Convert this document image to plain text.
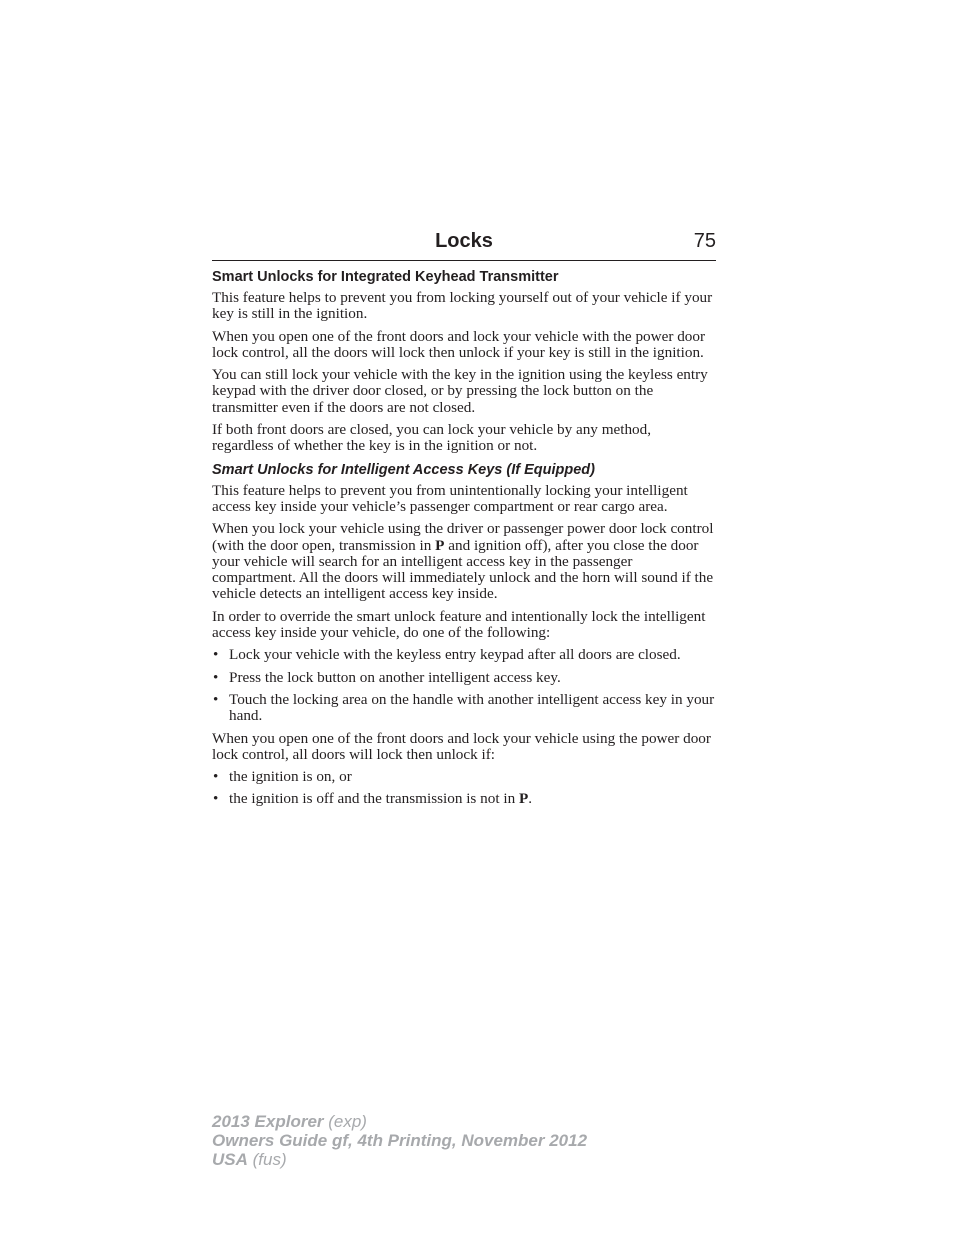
Locks	75
Smart Unlocks for Integrated Keyhead Transmitter

This feature helps to prevent you from locking yourself out of your vehicle if your key is still in the ignition.

When you open one of the front doors and lock your vehicle with the power door lock control, all the doors will lock then unlock if your key is still in the ignition.

You can still lock your vehicle with the key in the ignition using the keyless entry keypad with the driver door closed, or by pressing the lock button on the transmitter even if the doors are not closed.

If both front doors are closed, you can lock your vehicle by any method, regardless of whether the key is in the ignition or not.

Smart Unlocks for Intelligent Access Keys (If Equipped)

This feature helps to prevent you from unintentionally locking your intelligent access key inside your vehicle’s passenger compartment or rear cargo area.

When you lock your vehicle using the driver or passenger power door lock control (with the door open, transmission in P and ignition off), after you close the door your vehicle will search for an intelligent access key in the passenger compartment. All the doors will immediately unlock and the horn will sound if the vehicle detects an intelligent access key inside.

In order to override the smart unlock feature and intentionally lock the intelligent access key inside your vehicle, do one of the following:

• Lock your vehicle with the keyless entry keypad after all doors are closed.
• Press the lock button on another intelligent access key.
• Touch the locking area on the handle with another intelligent access key in your hand.

When you open one of the front doors and lock your vehicle using the power door lock control, all doors will lock then unlock if:

• the ignition is on, or
• the ignition is off and the transmission is not in P.
2013 Explorer (exp)
Owners Guide gf, 4th Printing, November 2012
USA (fus)
